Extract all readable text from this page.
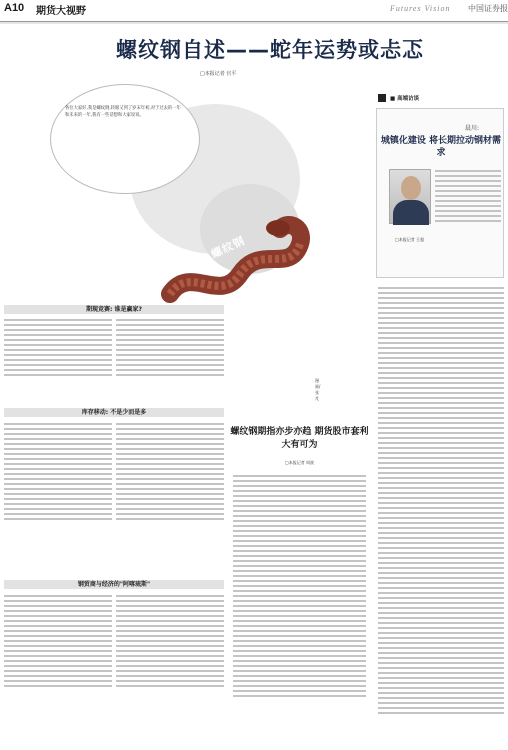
A10 期货大视野	Futures Vision 中国证券报
螺纹钢自述——蛇年运势或忐忑
□本报记者 官平
各位大家好,我是螺纹钢,转眼又到了岁末年初,对于过去的一年和未来的一年,我有一些话想和大家说说。
螺纹钢
漫画/ 张芃
期现竞赛: 谁是赢家?
库存移动: 不是少而是多
钢贸商与经济的"阿喀琉斯"
螺纹钢期指亦步亦趋 期货股市套利大有可为
□本报记者 周波
■ 高端访谈
晨川:
城镇化建设 将长期拉动钢材需求
□本报记者 王超
